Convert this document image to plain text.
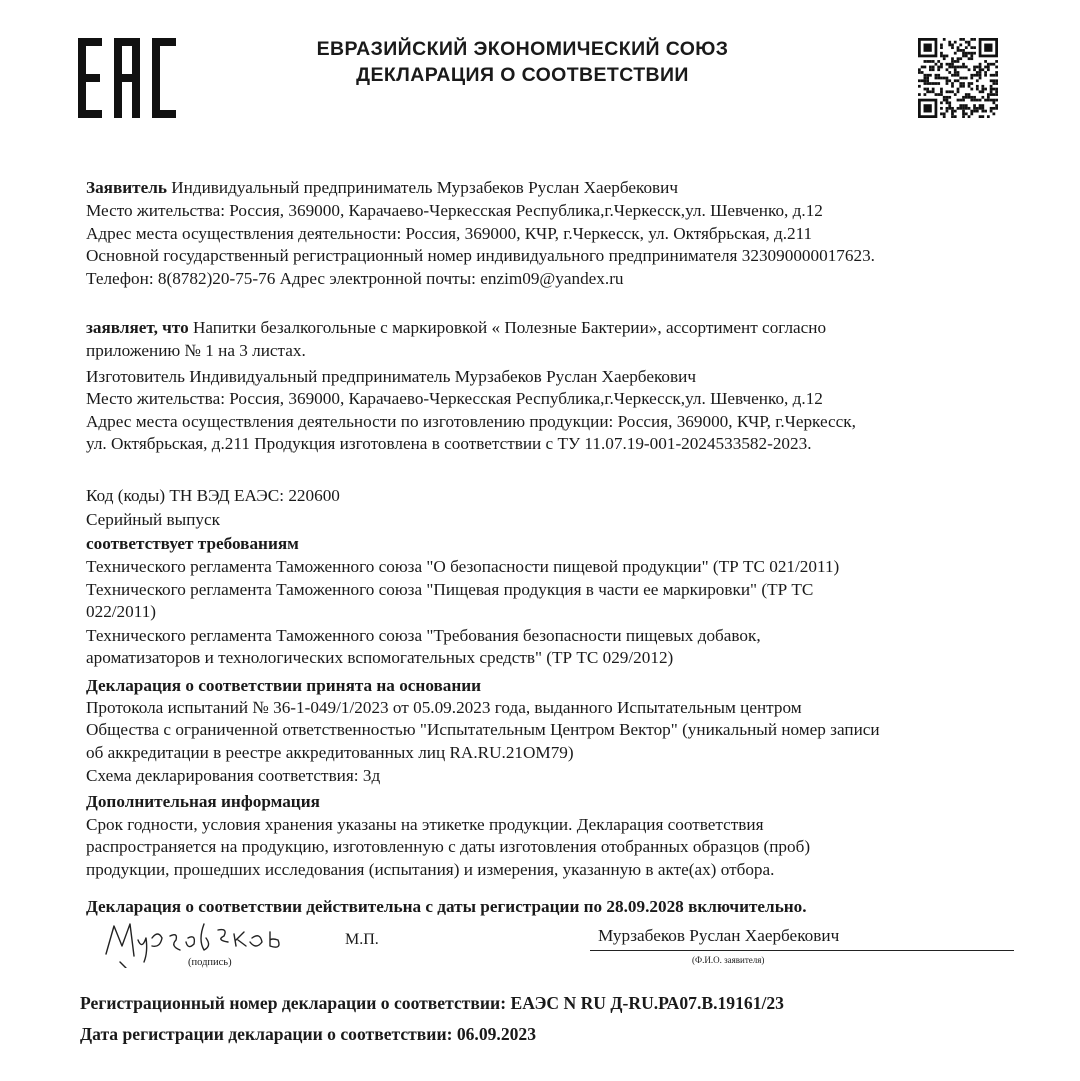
ЕВРАЗИЙСКИЙ ЭКОНОМИЧЕСКИЙ СОЮЗ
ДЕКЛАРАЦИЯ О СООТВЕТСТВИИ
Заявитель Индивидуальный предприниматель Мурзабеков Руслан Хаербекович
Место жительства: Россия, 369000, Карачаево-Черкесская Республика,г.Черкесск,ул. Шевченко, д.12
Адрес места осуществления деятельности: Россия, 369000, КЧР, г.Черкесск, ул. Октябрьская, д.211
Основной государственный регистрационный номер индивидуального предпринимателя 323090000017623.
Телефон: 8(8782)20-75-76 Адрес электронной почты: enzim09@yandex.ru
заявляет, что Напитки безалкогольные с маркировкой « Полезные Бактерии», ассортимент согласно
приложению № 1 на 3 листах.
Изготовитель Индивидуальный предприниматель Мурзабеков Руслан Хаербекович
Место жительства: Россия, 369000, Карачаево-Черкесская Республика,г.Черкесск,ул. Шевченко, д.12
Адрес места осуществления деятельности по изготовлению продукции: Россия, 369000, КЧР, г.Черкесск,
ул. Октябрьская, д.211 Продукция изготовлена в соответствии с ТУ 11.07.19-001-2024533582-2023.
Код (коды) ТН ВЭД ЕАЭС: 220600
Серийный выпуск
соответствует требованиям
Технического регламента Таможенного союза "О безопасности пищевой продукции" (ТР ТС 021/2011)
Технического регламента Таможенного союза "Пищевая продукция в части ее маркировки" (ТР ТС
022/2011)
Технического регламента Таможенного союза "Требования безопасности пищевых добавок,
ароматизаторов и технологических вспомогательных средств" (ТР ТС 029/2012)
Декларация о соответствии принята на основании
Протокола испытаний № 36-1-049/1/2023 от 05.09.2023 года, выданного Испытательным центром
Общества с ограниченной ответственностью "Испытательным Центром Вектор" (уникальный номер записи
об аккредитации в реестре аккредитованных лиц RA.RU.21OM79)
Схема декларирования соответствия: 3д
Дополнительная информация
Срок годности, условия хранения указаны на этикетке продукции. Декларация соответствия
распространяется на продукцию, изготовленную с даты изготовления отобранных образцов (проб)
продукции, прошедших исследования (испытания) и измерения, указанную в акте(ах) отбора.
Декларация о соответствии действительна с даты регистрации по 28.09.2028 включительно.
(подпись)
М.П.	Мурзабеков Руслан Хаербекович
(Ф.И.О. заявителя)
Регистрационный номер декларации о соответствии: ЕАЭС N RU Д-RU.РА07.В.19161/23
Дата регистрации декларации о соответствии: 06.09.2023
